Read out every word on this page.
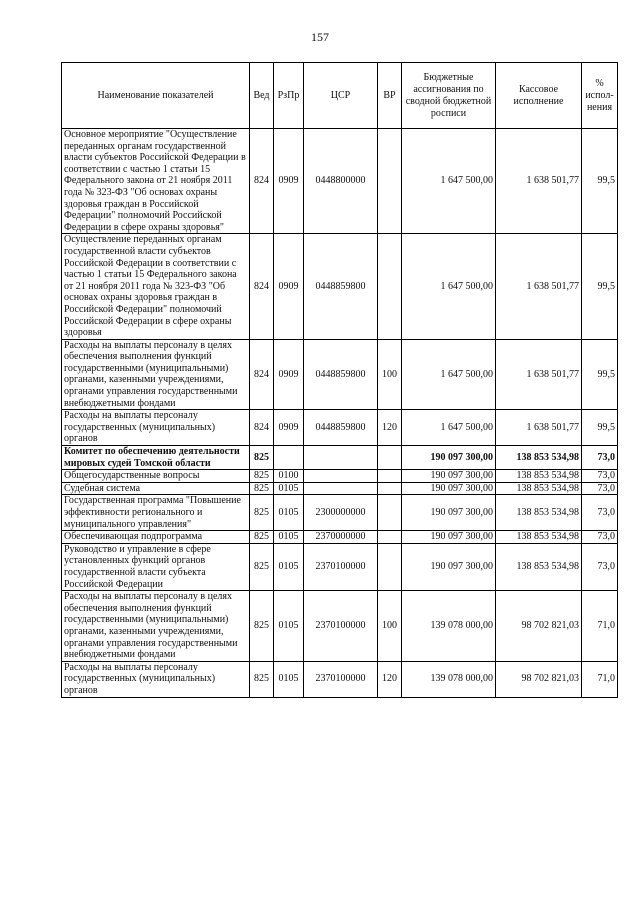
157
Наименование показателей	Вед	РзПр	ЦСР	ВР	Бюджетные ассигнования по сводной бюджетной росписи	Кассовое исполнение	% испол-нения
Основное мероприятие "Осуществление переданных органам государственной власти субъектов Российской Федерации в соответствии с частью 1 статьи 15 Федерального закона от 21 ноября 2011 года № 323-ФЗ "Об основах охраны здоровья граждан в Российской Федерации" полномочий Российской Федерации в сфере охраны здоровья"	824	0909	0448800000		1 647 500,00	1 638 501,77	99,5
Осуществление переданных органам государственной власти субъектов Российской Федерации в соответствии с частью 1 статьи 15 Федерального закона от 21 ноября 2011 года № 323-ФЗ "Об основах охраны здоровья граждан в Российской Федерации" полномочий Российской Федерации в сфере охраны здоровья	824	0909	0448859800		1 647 500,00	1 638 501,77	99,5
Расходы на выплаты персоналу в целях обеспечения выполнения функций государственными (муниципальными) органами, казенными учреждениями, органами управления государственными внебюджетными фондами	824	0909	0448859800	100	1 647 500,00	1 638 501,77	99,5
Расходы на выплаты персоналу государственных (муниципальных) органов	824	0909	0448859800	120	1 647 500,00	1 638 501,77	99,5
Комитет по обеспечению деятельности мировых судей Томской области	825				190 097 300,00	138 853 534,98	73,0
Общегосударственные вопросы	825	0100			190 097 300,00	138 853 534,98	73,0
Судебная система	825	0105			190 097 300,00	138 853 534,98	73,0
Государственная программа "Повышение эффективности регионального и муниципального управления"	825	0105	2300000000		190 097 300,00	138 853 534,98	73,0
Обеспечивающая подпрограмма	825	0105	2370000000		190 097 300,00	138 853 534,98	73,0
Руководство и управление в сфере установленных функций органов государственной власти субъекта Российской Федерации	825	0105	2370100000		190 097 300,00	138 853 534,98	73,0
Расходы на выплаты персоналу в целях обеспечения выполнения функций государственными (муниципальными) органами, казенными учреждениями, органами управления государственными внебюджетными фондами	825	0105	2370100000	100	139 078 000,00	98 702 821,03	71,0
Расходы на выплаты персоналу государственных (муниципальных) органов	825	0105	2370100000	120	139 078 000,00	98 702 821,03	71,0
